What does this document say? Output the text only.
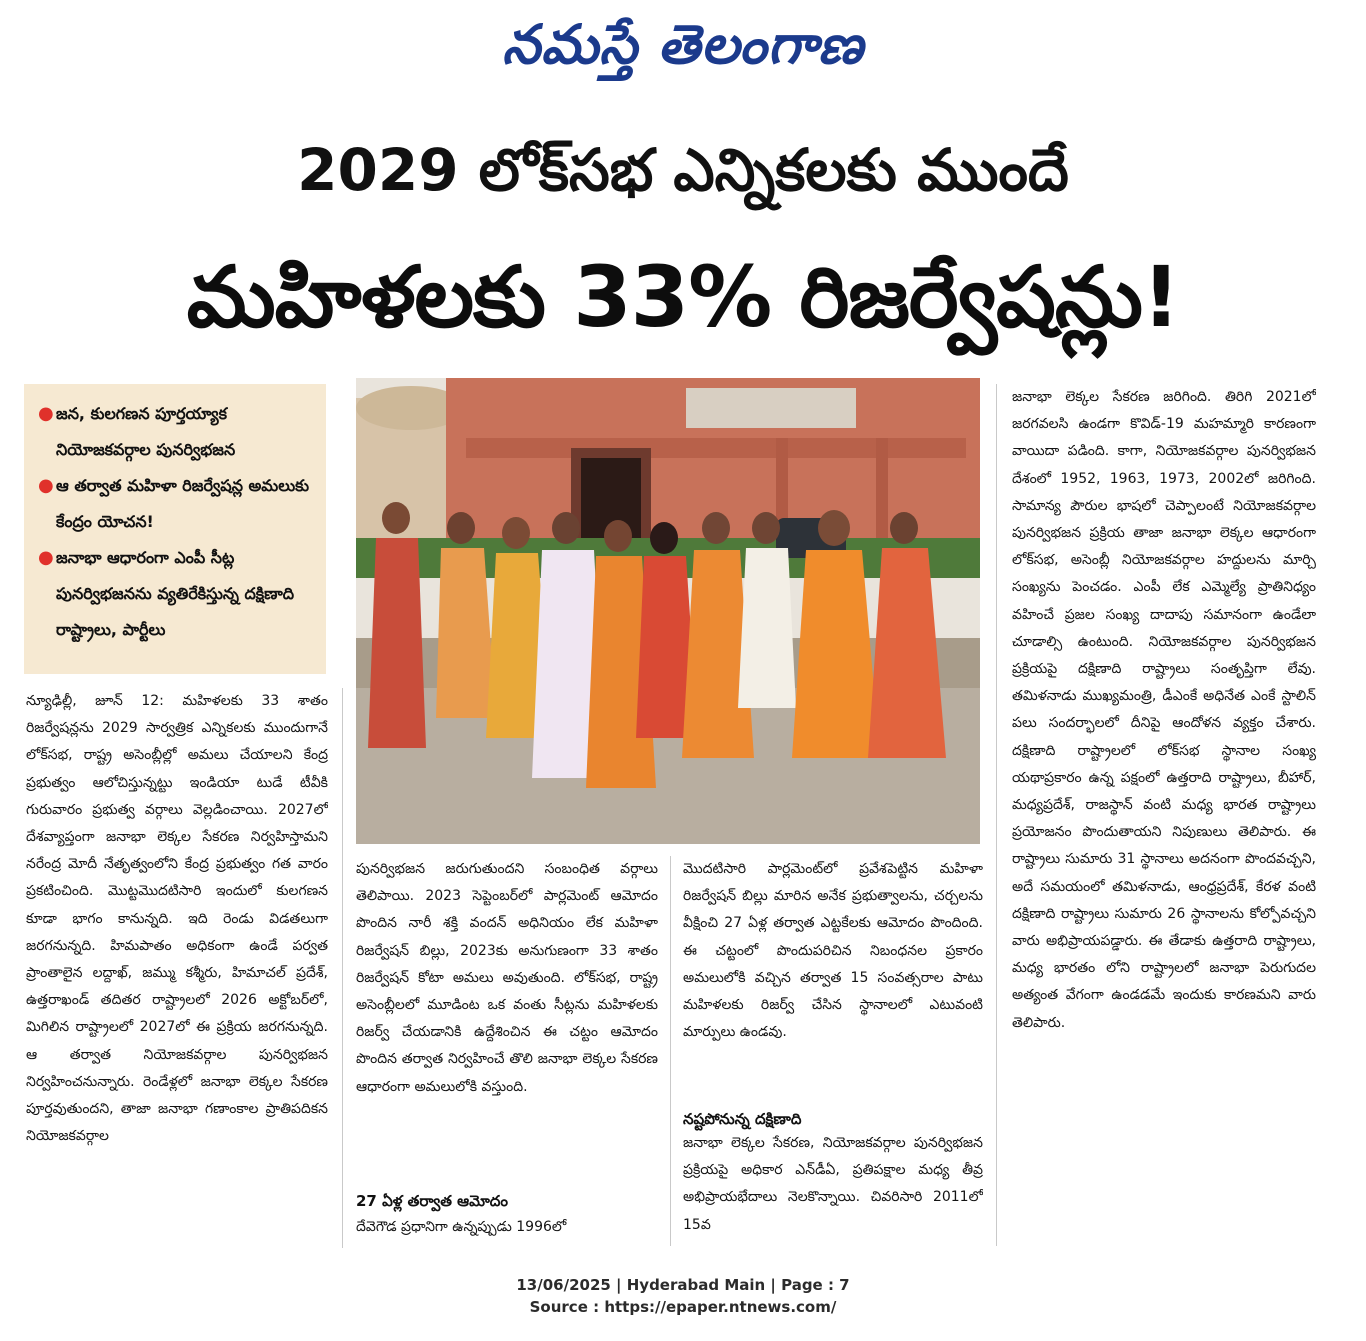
నమస్తే తెలంగాణ
2029 లోక్‌సభ ఎన్నికలకు ముందే
మహిళలకు 33% రిజర్వేషన్లు!
● జన, కులగణన పూర్తయ్యాక నియోజకవర్గాల పునర్విభజన
● ఆ తర్వాత మహిళా రిజర్వేషన్ల అమలుకు కేంద్రం యోచన!
● జనాభా ఆధారంగా ఎంపీ సీట్ల పునర్విభజనను వ్యతిరేకిస్తున్న దక్షిణాది రాష్ట్రాలు, పార్టీలు
న్యూఢిల్లీ, జూన్ 12: మహిళలకు 33 శాతం రిజర్వేషన్లను 2029 సార్వత్రిక ఎన్నికలకు ముందుగానే లోక్‌సభ, రాష్ట్ర అసెంబ్లీల్లో అమలు చేయాలని కేంద్ర ప్రభుత్వం ఆలోచిస్తున్నట్టు ఇండియా టుడే టీవీకి గురువారం ప్రభుత్వ వర్గాలు వెల్లడించాయి. 2027లో దేశవ్యాప్తంగా జనాభా లెక్కల సేకరణ నిర్వహిస్తామని నరేంద్ర మోదీ నేతృత్వంలోని కేంద్ర ప్రభుత్వం గత వారం ప్రకటించింది. మొట్టమొదటిసారి ఇందులో కులగణన కూడా భాగం కానున్నది. ఇది రెండు విడతలుగా జరగనున్నది. హిమపాతం అధికంగా ఉండే పర్వత ప్రాంతాలైన లద్దాఖ్, జమ్ము కశ్మీరు, హిమాచల్ ప్రదేశ్, ఉత్తరాఖండ్ తదితర రాష్ట్రాలలో 2026 అక్టోబర్‌లో, మిగిలిన రాష్ట్రాలలో 2027లో ఈ ప్రక్రియ జరగనున్నది. ఆ తర్వాత నియోజకవర్గాల పునర్విభజన నిర్వహించనున్నారు. రెండేళ్లలో జనాభా లెక్కల సేకరణ పూర్తవుతుందని, తాజా జనాభా గణాంకాల ప్రాతిపదికన నియోజకవర్గాల
పునర్విభజన జరుగుతుందని సంబంధిత వర్గాలు తెలిపాయి. 2023 సెప్టెంబర్‌లో పార్లమెంట్ ఆమోదం పొందిన నారీ శక్తి వందన్ అధినియం లేక మహిళా రిజర్వేషన్ బిల్లు, 2023కు అనుగుణంగా 33 శాతం రిజర్వేషన్ కోటా అమలు అవుతుంది. లోక్‌సభ, రాష్ట్ర అసెంబ్లీలలో మూడింట ఒక వంతు సీట్లను మహిళలకు రిజర్వ్ చేయడానికి ఉద్దేశించిన ఈ చట్టం ఆమోదం పొందిన తర్వాత నిర్వహించే తొలి జనాభా లెక్కల సేకరణ ఆధారంగా అమలులోకి వస్తుంది.
27 ఏళ్ల తర్వాత ఆమోదం
దేవెగౌడ ప్రధానిగా ఉన్నప్పుడు 1996లో
మొదటిసారి పార్లమెంట్‌లో ప్రవేశపెట్టిన మహిళా రిజర్వేషన్ బిల్లు మారిన అనేక ప్రభుత్వాలను, చర్చలను వీక్షించి 27 ఏళ్ల తర్వాత ఎట్టకేలకు ఆమోదం పొందింది. ఈ చట్టంలో పొందుపరిచిన నిబంధనల ప్రకారం అమలులోకి వచ్చిన తర్వాత 15 సంవత్సరాల పాటు మహిళలకు రిజర్వ్ చేసిన స్థానాలలో ఎటువంటి మార్పులు ఉండవు.
నష్టపోనున్న దక్షిణాది
జనాభా లెక్కల సేకరణ, నియోజకవర్గాల పునర్విభజన ప్రక్రియపై అధికార ఎన్‌డీఏ, ప్రతిపక్షాల మధ్య తీవ్ర అభిప్రాయభేదాలు నెలకొన్నాయి. చివరిసారి 2011లో 15వ
జనాభా లెక్కల సేకరణ జరిగింది. తిరిగి 2021లో జరగవలసి ఉండగా కొవిడ్-19 మహమ్మారి కారణంగా వాయిదా పడింది. కాగా, నియోజకవర్గాల పునర్విభజన దేశంలో 1952, 1963, 1973, 2002లో జరిగింది. సామాన్య పౌరుల భాషలో చెప్పాలంటే నియోజకవర్గాల పునర్విభజన ప్రక్రియ తాజా జనాభా లెక్కల ఆధారంగా లోక్‌సభ, అసెంబ్లీ నియోజకవర్గాల హద్దులను మార్చి సంఖ్యను పెంచడం. ఎంపీ లేక ఎమ్మెల్యే ప్రాతినిధ్యం వహించే ప్రజల సంఖ్య దాదాపు సమానంగా ఉండేలా చూడాల్సి ఉంటుంది. నియోజకవర్గాల పునర్విభజన ప్రక్రియపై దక్షిణాది రాష్ట్రాలు సంతృప్తిగా లేవు. తమిళనాడు ముఖ్యమంత్రి, డీఎంకే అధినేత ఎంకే స్టాలిన్ పలు సందర్భాలలో దీనిపై ఆందోళన వ్యక్తం చేశారు. దక్షిణాది రాష్ట్రాలలో లోక్‌సభ స్థానాల సంఖ్య యథాప్రకారం ఉన్న పక్షంలో ఉత్తరాది రాష్ట్రాలు, బీహార్, మధ్యప్రదేశ్, రాజస్థాన్ వంటి మధ్య భారత రాష్ట్రాలు ప్రయోజనం పొందుతాయని నిపుణులు తెలిపారు. ఈ రాష్ట్రాలు సుమారు 31 స్థానాలు అదనంగా పొందవచ్చని, అదే సమయంలో తమిళనాడు, ఆంధ్రప్రదేశ్, కేరళ వంటి దక్షిణాది రాష్ట్రాలు సుమారు 26 స్థానాలను కోల్పోవచ్చని వారు అభిప్రాయపడ్డారు. ఈ తేడాకు ఉత్తరాది రాష్ట్రాలు, మధ్య భారతం లోని రాష్ట్రాలలో జనాభా పెరుగుదల అత్యంత వేగంగా ఉండడమే ఇందుకు కారణమని వారు తెలిపారు.
13/06/2025 | Hyderabad Main | Page : 7
Source : https://epaper.ntnews.com/
